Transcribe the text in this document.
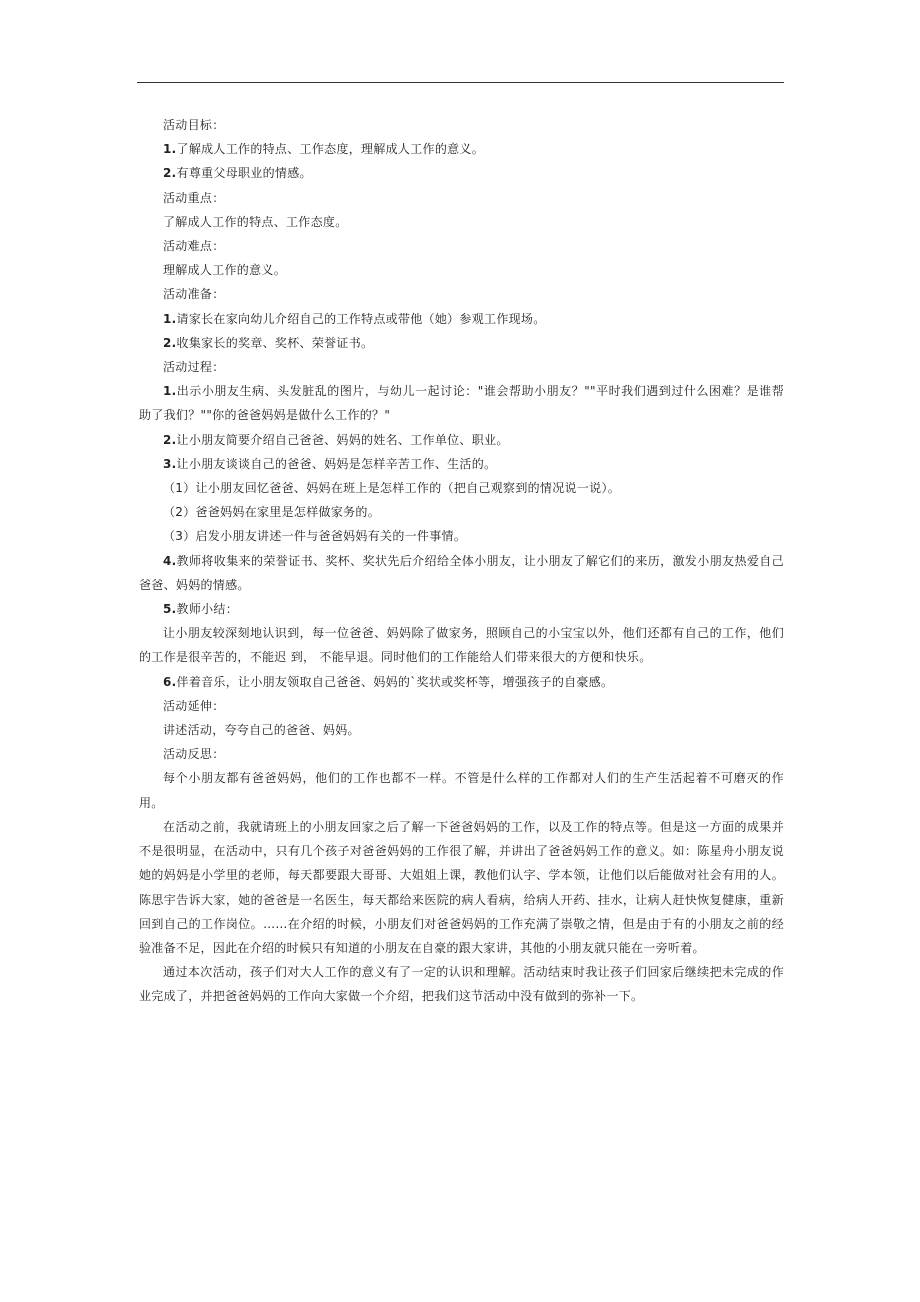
活动目标：

1.了解成人工作的特点、工作态度，理解成人工作的意义。

2.有尊重父母职业的情感。

活动重点：

了解成人工作的特点、工作态度。

活动难点：

理解成人工作的意义。

活动准备：

1.请家长在家向幼儿介绍自己的工作特点或带他（她）参观工作现场。

2.收集家长的奖章、奖杯、荣誉证书。

活动过程：

1.出示小朋友生病、头发脏乱的图片，与幼儿一起讨论："谁会帮助小朋友？""平时我们遇到过什么困难？是谁帮助了我们？""你的爸爸妈妈是做什么工作的？"

2.让小朋友简要介绍自己爸爸、妈妈的姓名、工作单位、职业。

3.让小朋友谈谈自己的爸爸、妈妈是怎样辛苦工作、生活的。

（1）让小朋友回忆爸爸、妈妈在班上是怎样工作的（把自己观察到的情况说一说）。

（2）爸爸妈妈在家里是怎样做家务的。

（3）启发小朋友讲述一件与爸爸妈妈有关的一件事情。

4.教师将收集来的荣誉证书、奖杯、奖状先后介绍给全体小朋友，让小朋友了解它们的来历，激发小朋友热爱自己爸爸、妈妈的情感。

5.教师小结：

让小朋友较深刻地认识到，每一位爸爸、妈妈除了做家务，照顾自己的小宝宝以外，他们还都有自己的工作，他们的工作是很辛苦的，不能迟 到， 不能早退。同时他们的工作能给人们带来很大的方便和快乐。

6.伴着音乐，让小朋友领取自己爸爸、妈妈的`奖状或奖杯等，增强孩子的自豪感。

活动延伸：

讲述活动，夸夸自己的爸爸、妈妈。

活动反思：

每个小朋友都有爸爸妈妈，他们的工作也都不一样。不管是什么样的工作都对人们的生产生活起着不可磨灭的作用。

在活动之前，我就请班上的小朋友回家之后了解一下爸爸妈妈的工作，以及工作的特点等。但是这一方面的成果并不是很明显，在活动中，只有几个孩子对爸爸妈妈的工作很了解，并讲出了爸爸妈妈工作的意义。如：陈星舟小朋友说她的妈妈是小学里的老师，每天都要跟大哥哥、大姐姐上课，教他们认字、学本领，让他们以后能做对社会有用的人。陈思宇告诉大家，她的爸爸是一名医生，每天都给来医院的病人看病，给病人开药、挂水，让病人赶快恢复健康，重新回到自己的工作岗位。……在介绍的时候，小朋友们对爸爸妈妈的工作充满了崇敬之情，但是由于有的小朋友之前的经验准备不足，因此在介绍的时候只有知道的小朋友在自豪的跟大家讲，其他的小朋友就只能在一旁听着。

通过本次活动，孩子们对大人工作的意义有了一定的认识和理解。活动结束时我让孩子们回家后继续把未完成的作业完成了，并把爸爸妈妈的工作向大家做一个介绍，把我们这节活动中没有做到的弥补一下。
